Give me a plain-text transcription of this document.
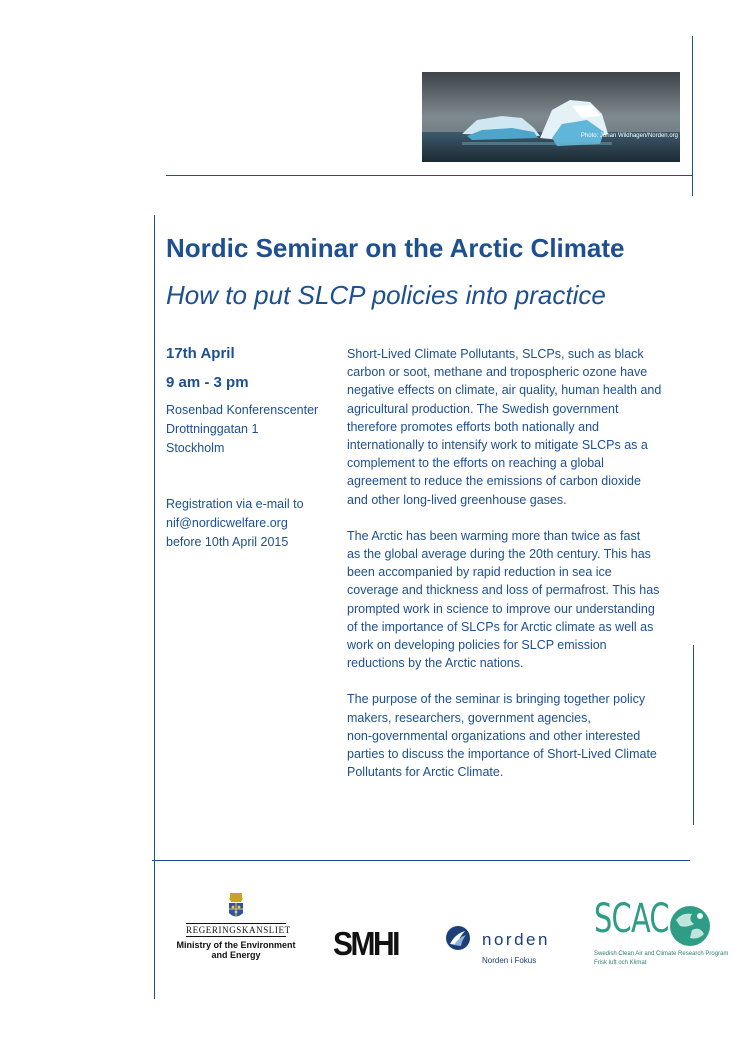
Photo: Johan Wildhagen/Norden.org
Nordic Seminar on the Arctic Climate
How to put SLCP policies into practice
17th April
9 am - 3 pm
Rosenbad Konferenscenter
Drottninggatan 1
Stockholm
Registration via e-mail to
nif@nordicwelfare.org
before 10th April 2015

Short-Lived Climate Pollutants, SLCPs, such as black
carbon or soot, methane and tropospheric ozone have
negative effects on climate, air quality, human health and
agricultural production. The Swedish government
therefore promotes efforts both nationally and
internationally to intensify work to mitigate SLCPs as a
complement to the efforts on reaching a global
agreement to reduce the emissions of carbon dioxide
and other long-lived greenhouse gases.

The Arctic has been warming more than twice as fast
as the global average during the 20th century. This has
been accompanied by rapid reduction in sea ice
coverage and thickness and loss of permafrost. This has
prompted work in science to improve our understanding
of the importance of SLCPs for Arctic climate as well as
work on developing policies for SLCP emission
reductions by the Arctic nations.

The purpose of the seminar is bringing together policy
makers, researchers, government agencies,
non-governmental organizations and other interested
parties to discuss the importance of Short-Lived Climate
Pollutants for Arctic Climate.

REGERINGSKANSLIET
Ministry of the Environment
and Energy	SMHI	norden
Norden i Fokus
SCAC
Swedish Clean Air and Climate Research Program
Frisk luft och Klimat
